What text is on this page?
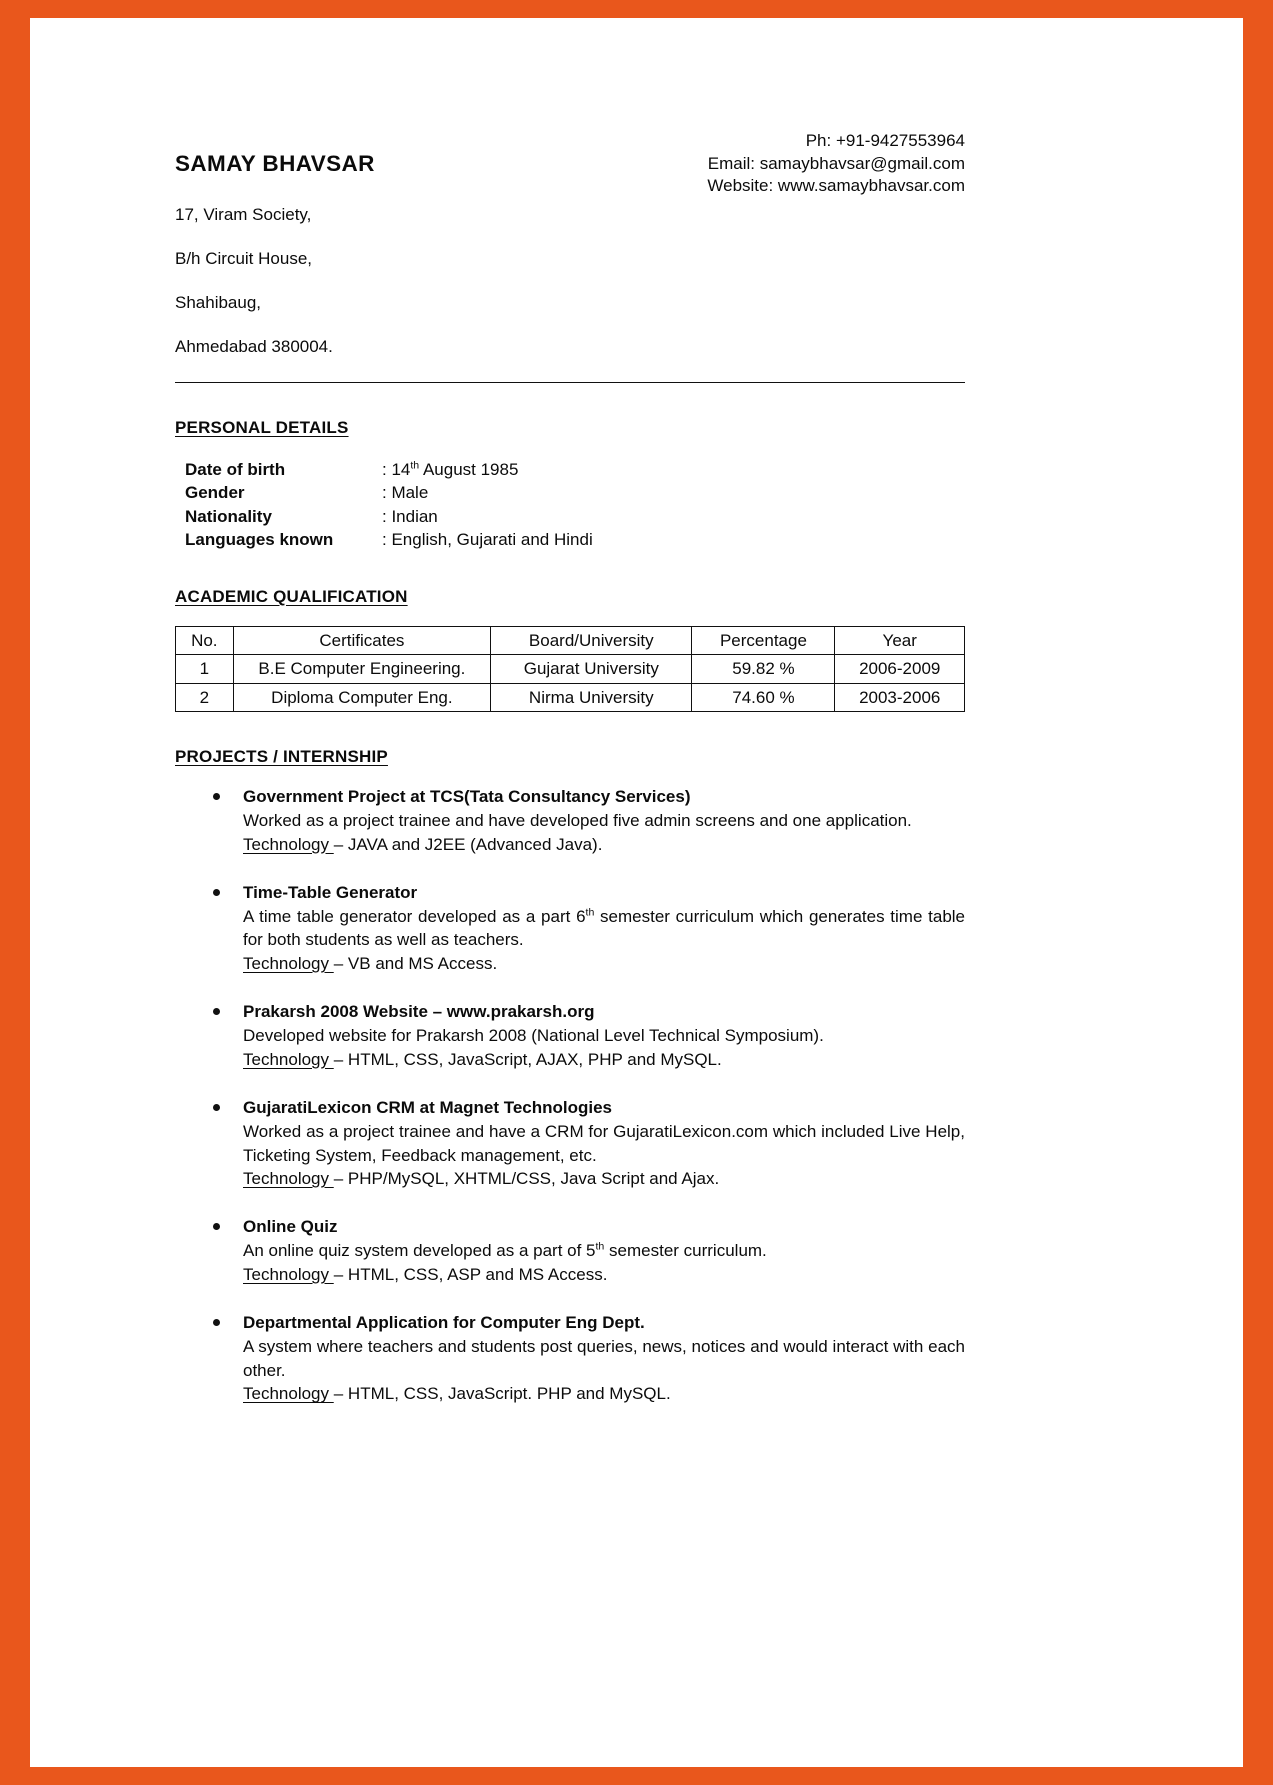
SAMAY BHAVSAR

17, Viram Society,

B/h Circuit House,

Shahibaug,

Ahmedabad 380004.

Ph: +91-9427553964
Email: samaybhavsar@gmail.com
Website: www.samaybhavsar.com
PERSONAL DETAILS
Date of birth	: 14th August 1985
Gender	: Male
Nationality	: Indian
Languages known	: English, Gujarati and Hindi
ACADEMIC QUALIFICATION
No.	Certificates	Board/University	Percentage	Year
1	B.E Computer Engineering.	Gujarat University	59.82 %	2006-2009
2	Diploma Computer Eng.	Nirma University	74.60 %	2003-2006
PROJECTS / INTERNSHIP
Government Project at TCS(Tata Consultancy Services)
Worked as a project trainee and have developed five admin screens and one application.
Technology – JAVA and J2EE (Advanced Java).
Time-Table Generator
A time table generator developed as a part 6th semester curriculum which generates time table for both students as well as teachers.
Technology – VB and MS Access.
Prakarsh 2008 Website – www.prakarsh.org
Developed website for Prakarsh 2008 (National Level Technical Symposium).
Technology – HTML, CSS, JavaScript, AJAX, PHP and MySQL.
GujaratiLexicon CRM at Magnet Technologies
Worked as a project trainee and have a CRM for GujaratiLexicon.com which included Live Help, Ticketing System, Feedback management, etc.
Technology – PHP/MySQL, XHTML/CSS, Java Script and Ajax.
Online Quiz
An online quiz system developed as a part of 5th semester curriculum.
Technology – HTML, CSS, ASP and MS Access.
Departmental Application for Computer Eng Dept.
A system where teachers and students post queries, news, notices and would interact with each other.
Technology – HTML, CSS, JavaScript. PHP and MySQL.
